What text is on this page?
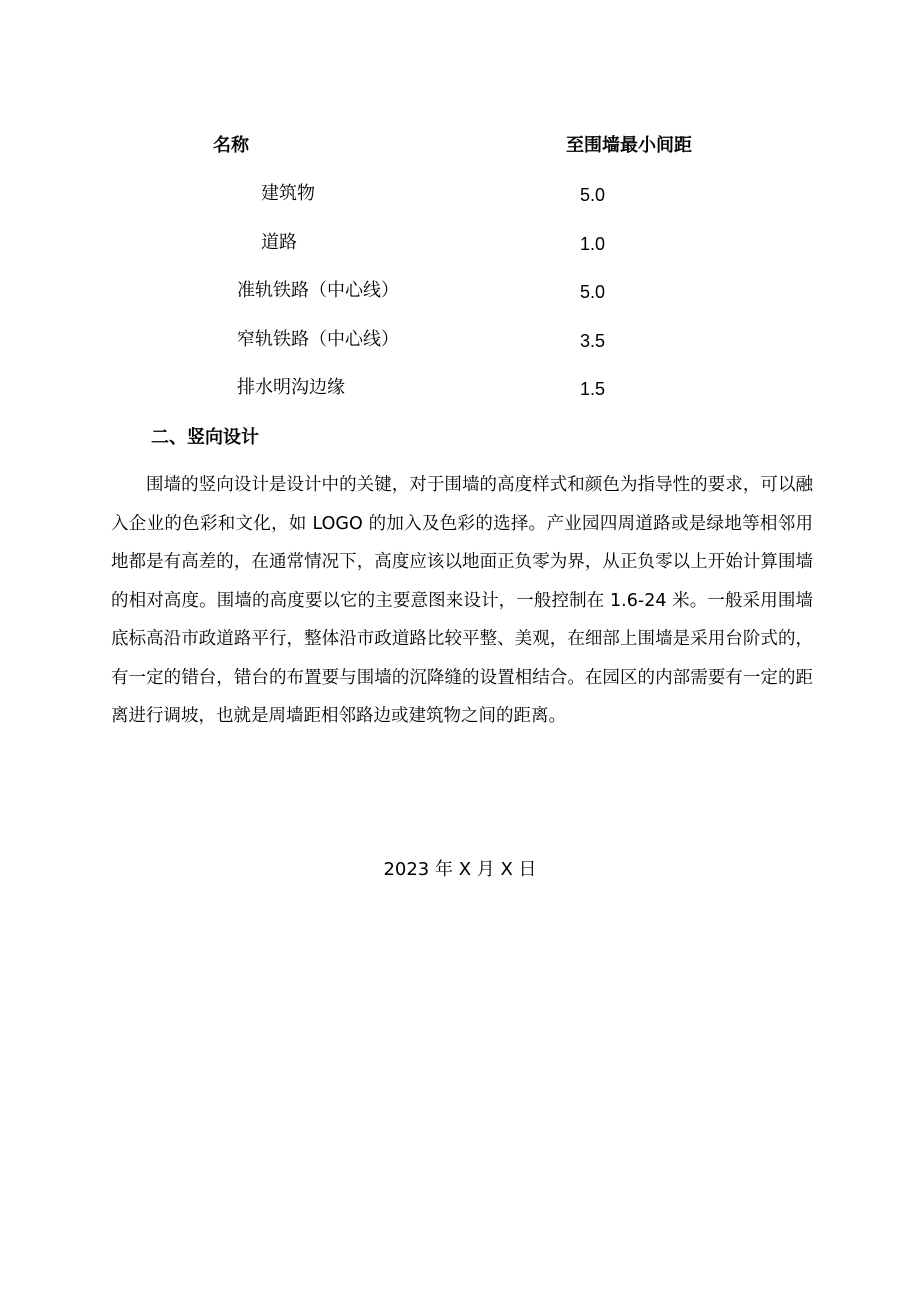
名称	至围墙最小间距
建筑物	5.0
道路	1.0
准轨铁路（中心线）	5.0
窄轨铁路（中心线）	3.5
排水明沟边缘	1.5
二、竖向设计

围墙的竖向设计是设计中的关键，对于围墙的高度样式和颜色为指导性的要求，可以融入企业的色彩和文化，如 LOGO 的加入及色彩的选择。产业园四周道路或是绿地等相邻用地都是有高差的，在通常情况下，高度应该以地面正负零为界，从正负零以上开始计算围墙的相对高度。围墙的高度要以它的主要意图来设计，一般控制在 1.6-24 米。一般采用围墙底标高沿市政道路平行，整体沿市政道路比较平整、美观，在细部上围墙是采用台阶式的，有一定的错台，错台的布置要与围墙的沉降缝的设置相结合。在园区的内部需要有一定的距离进行调坡，也就是周墙距相邻路边或建筑物之间的距离。

2023 年 X 月 X 日
